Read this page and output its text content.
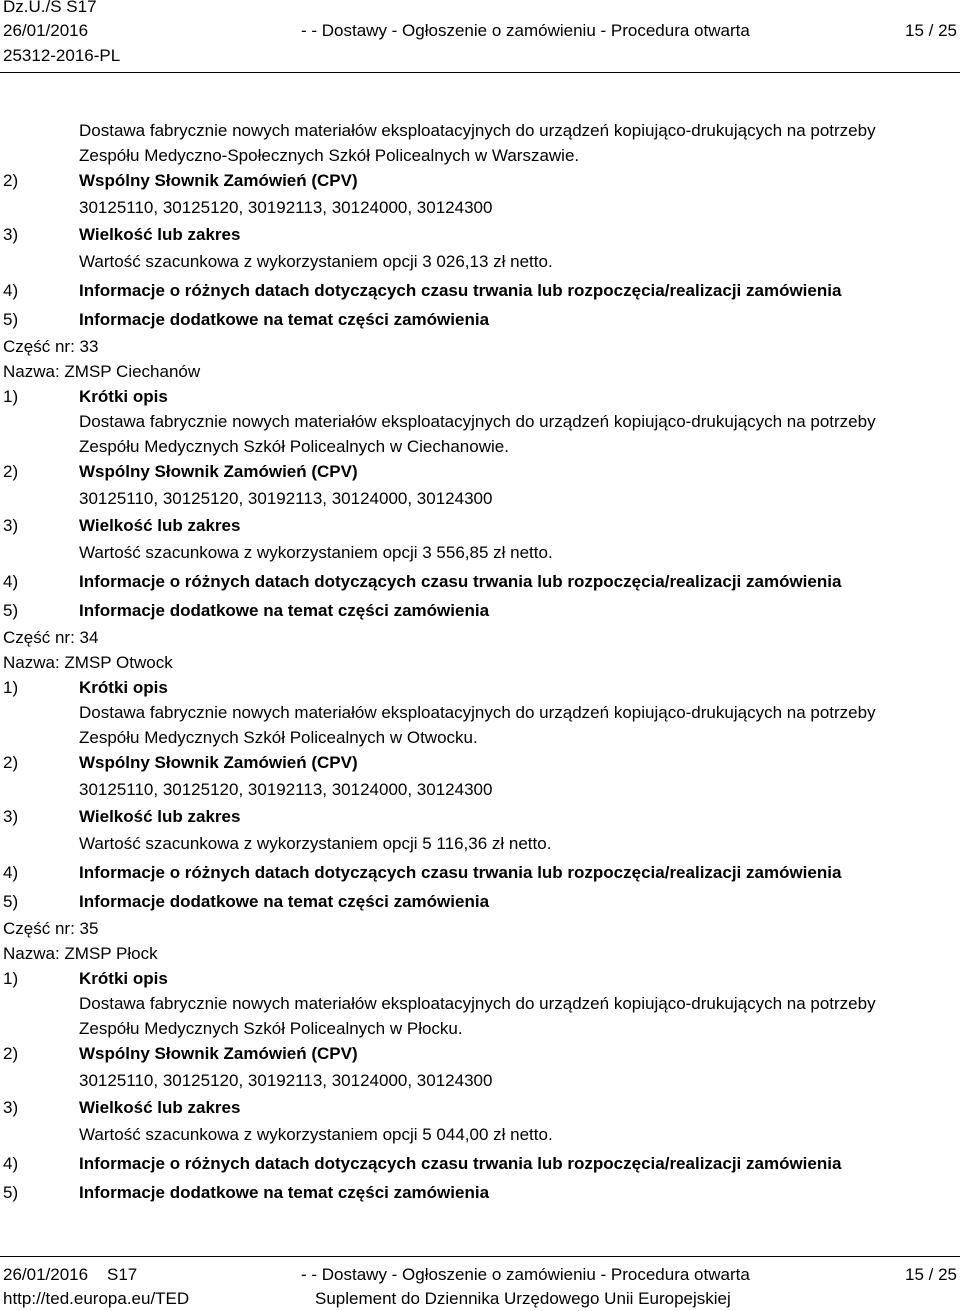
Dz.U./S S17
26/01/2016	- - Dostawy - Ogłoszenie o zamówieniu - Procedura otwarta	15 / 25
25312-2016-PL
Dostawa fabrycznie nowych materiałów eksploatacyjnych do urządzeń kopiująco-drukujących na potrzeby
Zespółu Medyczno-Społecznych Szkół Policealnych w Warszawie.
2)	Wspólny Słownik Zamówień (CPV)
30125110, 30125120, 30192113, 30124000, 30124300
3)	Wielkość lub zakres
Wartość szacunkowa z wykorzystaniem opcji 3 026,13 zł netto.
4)	Informacje o różnych datach dotyczących czasu trwania lub rozpoczęcia/realizacji zamówienia
5)	Informacje dodatkowe na temat części zamówienia
Część nr: 33
Nazwa: ZMSP Ciechanów
1)	Krótki opis
Dostawa fabrycznie nowych materiałów eksploatacyjnych do urządzeń kopiująco-drukujących na potrzeby
Zespółu Medycznych Szkół Policealnych w Ciechanowie.
2)	Wspólny Słownik Zamówień (CPV)
30125110, 30125120, 30192113, 30124000, 30124300
3)	Wielkość lub zakres
Wartość szacunkowa z wykorzystaniem opcji 3 556,85 zł netto.
4)	Informacje o różnych datach dotyczących czasu trwania lub rozpoczęcia/realizacji zamówienia
5)	Informacje dodatkowe na temat części zamówienia
Część nr: 34
Nazwa: ZMSP Otwock
1)	Krótki opis
Dostawa fabrycznie nowych materiałów eksploatacyjnych do urządzeń kopiująco-drukujących na potrzeby
Zespółu Medycznych Szkół Policealnych w Otwocku.
2)	Wspólny Słownik Zamówień (CPV)
30125110, 30125120, 30192113, 30124000, 30124300
3)	Wielkość lub zakres
Wartość szacunkowa z wykorzystaniem opcji 5 116,36 zł netto.
4)	Informacje o różnych datach dotyczących czasu trwania lub rozpoczęcia/realizacji zamówienia
5)	Informacje dodatkowe na temat części zamówienia
Część nr: 35
Nazwa: ZMSP Płock
1)	Krótki opis
Dostawa fabrycznie nowych materiałów eksploatacyjnych do urządzeń kopiująco-drukujących na potrzeby
Zespółu Medycznych Szkół Policealnych w Płocku.
2)	Wspólny Słownik Zamówień (CPV)
30125110, 30125120, 30192113, 30124000, 30124300
3)	Wielkość lub zakres
Wartość szacunkowa z wykorzystaniem opcji 5 044,00 zł netto.
4)	Informacje o różnych datach dotyczących czasu trwania lub rozpoczęcia/realizacji zamówienia
5)	Informacje dodatkowe na temat części zamówienia
26/01/2016    S17	- - Dostawy - Ogłoszenie o zamówieniu - Procedura otwarta	15 / 25
http://ted.europa.eu/TED	Suplement do Dziennika Urzędowego Unii Europejskiej
